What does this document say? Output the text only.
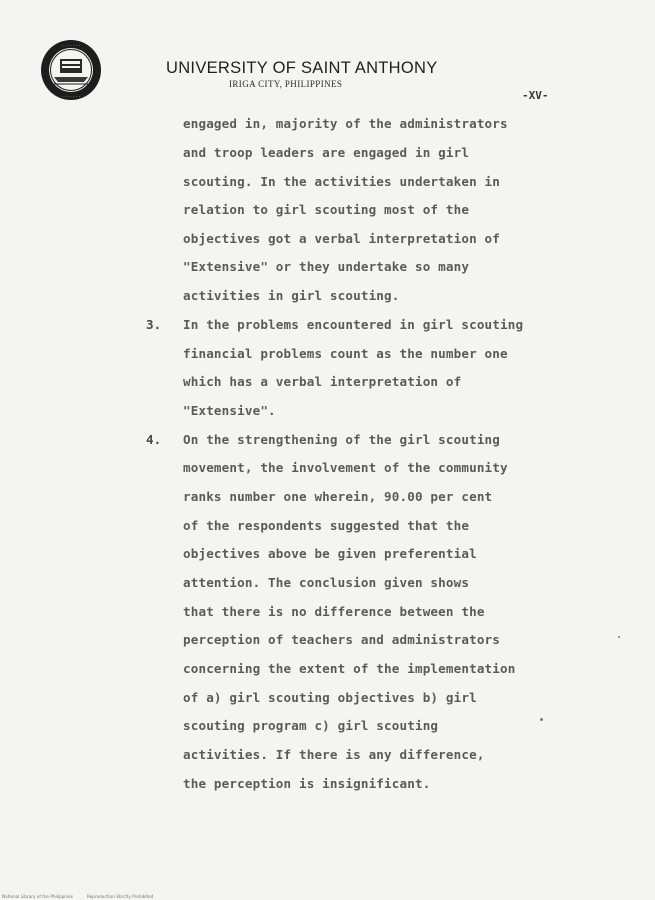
· · · · · · ·
· · · · · · ·
UNIVERSITY OF SAINT ANTHONY
IRIGA CITY, PHILIPPINES
-XV-
engaged in, majority of the administrators
and troop leaders are engaged in girl
scouting. In the activities undertaken in
relation to girl scouting most of the
objectives got a verbal interpretation of
"Extensive" or they undertake so many
activities in girl scouting.
3. In the problems encountered in girl scouting
financial problems count as the number one
which has a verbal interpretation of
"Extensive".
4. On the strengthening of the girl scouting
movement, the involvement of the community
ranks number one wherein, 90.00 per cent
of the respondents suggested that the
objectives above be given preferential
attention. The conclusion given shows
that there is no difference between the
perception of teachers and administrators
concerning the extent of the implementation
of a) girl scouting objectives b) girl
scouting program c) girl scouting
activities. If there is any difference,
the perception is insignificant.
National Library of the Philippines	Reproduction Strictly Prohibited
